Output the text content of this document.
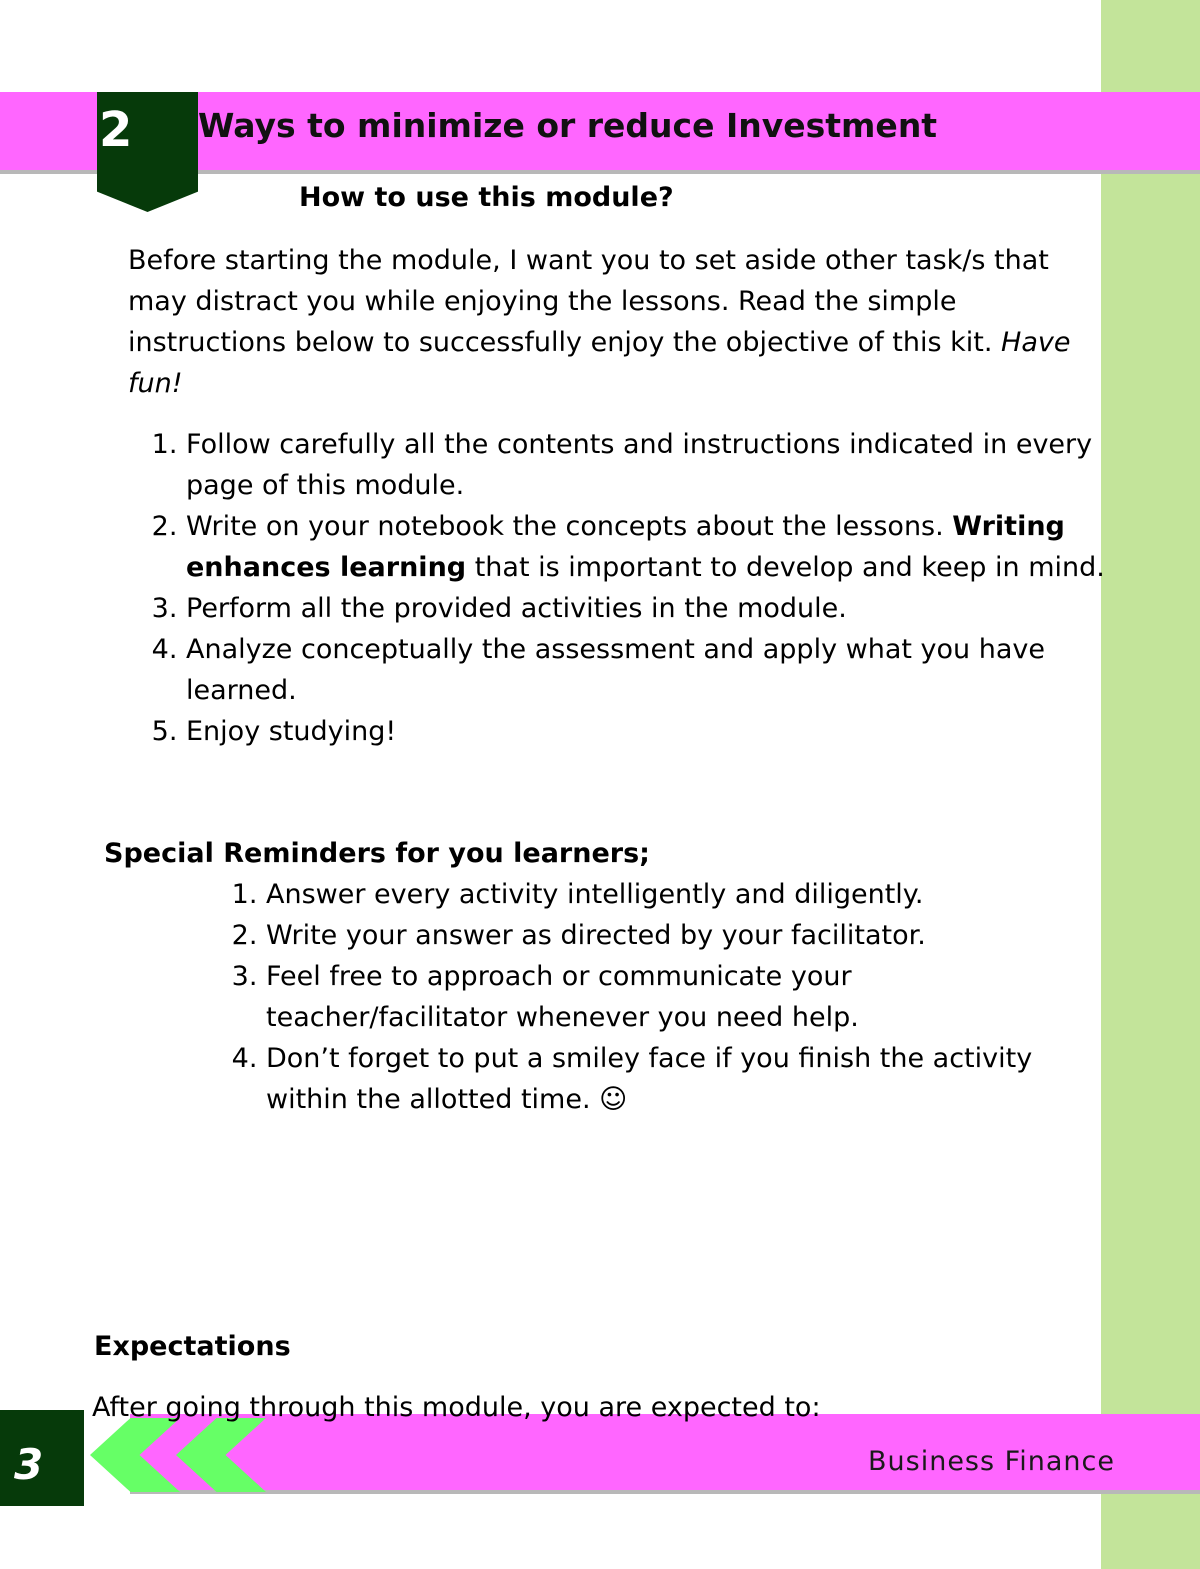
2	Ways to minimize or reduce Investment
How to use this module?
Before starting the module, I want you to set aside other task/s that may distract you while enjoying the lessons. Read the simple instructions below to successfully enjoy the objective of this kit. Have fun!
1. Follow carefully all the contents and instructions indicated in every page of this module.
2. Write on your notebook the concepts about the lessons. Writing enhances learning that is important to develop and keep in mind.
3. Perform all the provided activities in the module.
4. Analyze conceptually the assessment and apply what you have learned.
5. Enjoy studying!
Special Reminders for you learners;
1. Answer every activity intelligently and diligently.
2. Write your answer as directed by your facilitator.
3. Feel free to approach or communicate your teacher/facilitator whenever you need help.
4. Don’t forget to put a smiley face if you finish the activity within the allotted time. ☺
Expectations
3	Business Finance
After going through this module, you are expected to:
